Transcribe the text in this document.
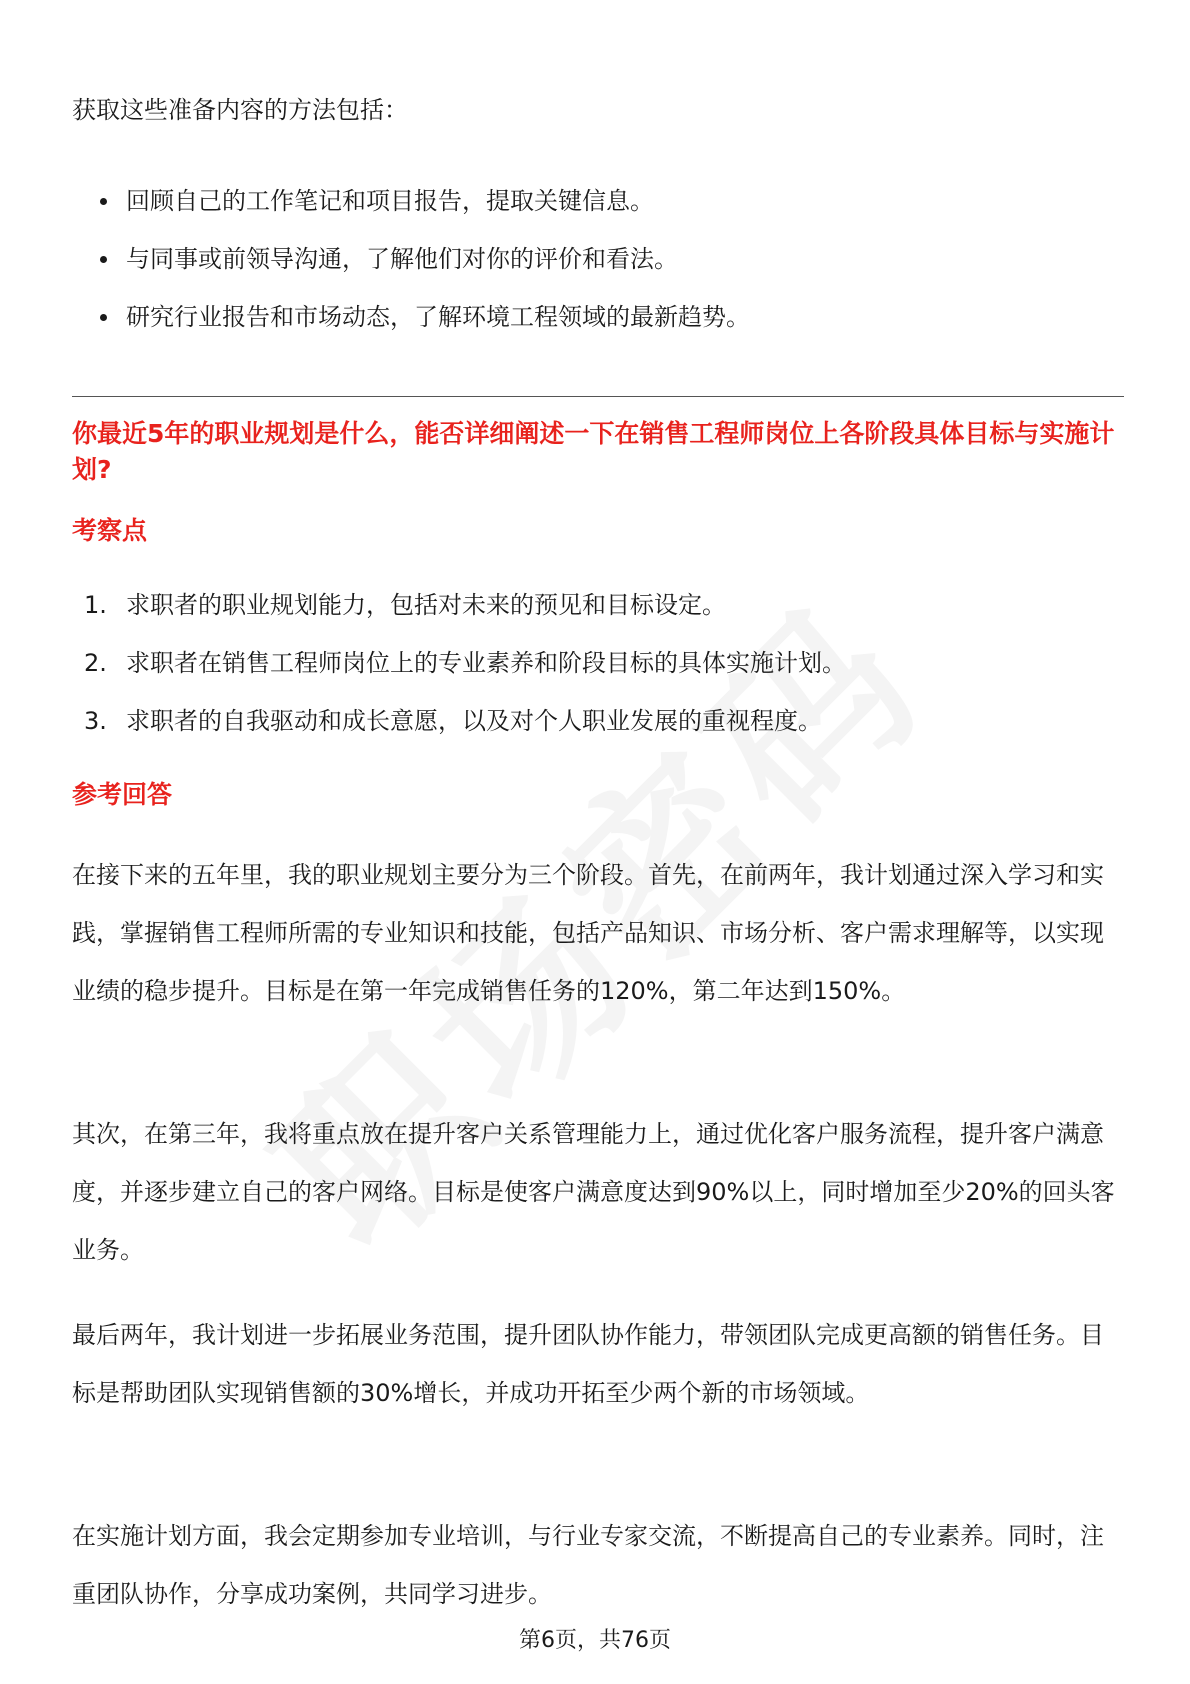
获取这些准备内容的方法包括：

回顾自己的工作笔记和项目报告，提取关键信息。
与同事或前领导沟通，了解他们对你的评价和看法。
研究行业报告和市场动态，了解环境工程领域的最新趋势。
你最近5年的职业规划是什么，能否详细阐述一下在销售工程师岗位上各阶段具体目标与实施计划?
考察点
1. 求职者的职业规划能力，包括对未来的预见和目标设定。
2. 求职者在销售工程师岗位上的专业素养和阶段目标的具体实施计划。
3. 求职者的自我驱动和成长意愿，以及对个人职业发展的重视程度。
参考回答

在接下来的五年里，我的职业规划主要分为三个阶段。首先，在前两年，我计划通过深入学习和实践，掌握销售工程师所需的专业知识和技能，包括产品知识、市场分析、客户需求理解等，以实现业绩的稳步提升。目标是在第一年完成销售任务的120%，第二年达到150%。

其次，在第三年，我将重点放在提升客户关系管理能力上，通过优化客户服务流程，提升客户满意度，并逐步建立自己的客户网络。目标是使客户满意度达到90%以上，同时增加至少20%的回头客业务。

最后两年，我计划进一步拓展业务范围，提升团队协作能力，带领团队完成更高额的销售任务。目标是帮助团队实现销售额的30%增长，并成功开拓至少两个新的市场领域。

在实施计划方面，我会定期参加专业培训，与行业专家交流，不断提高自己的专业素养。同时，注重团队协作，分享成功案例，共同学习进步。

第6页，共76页
